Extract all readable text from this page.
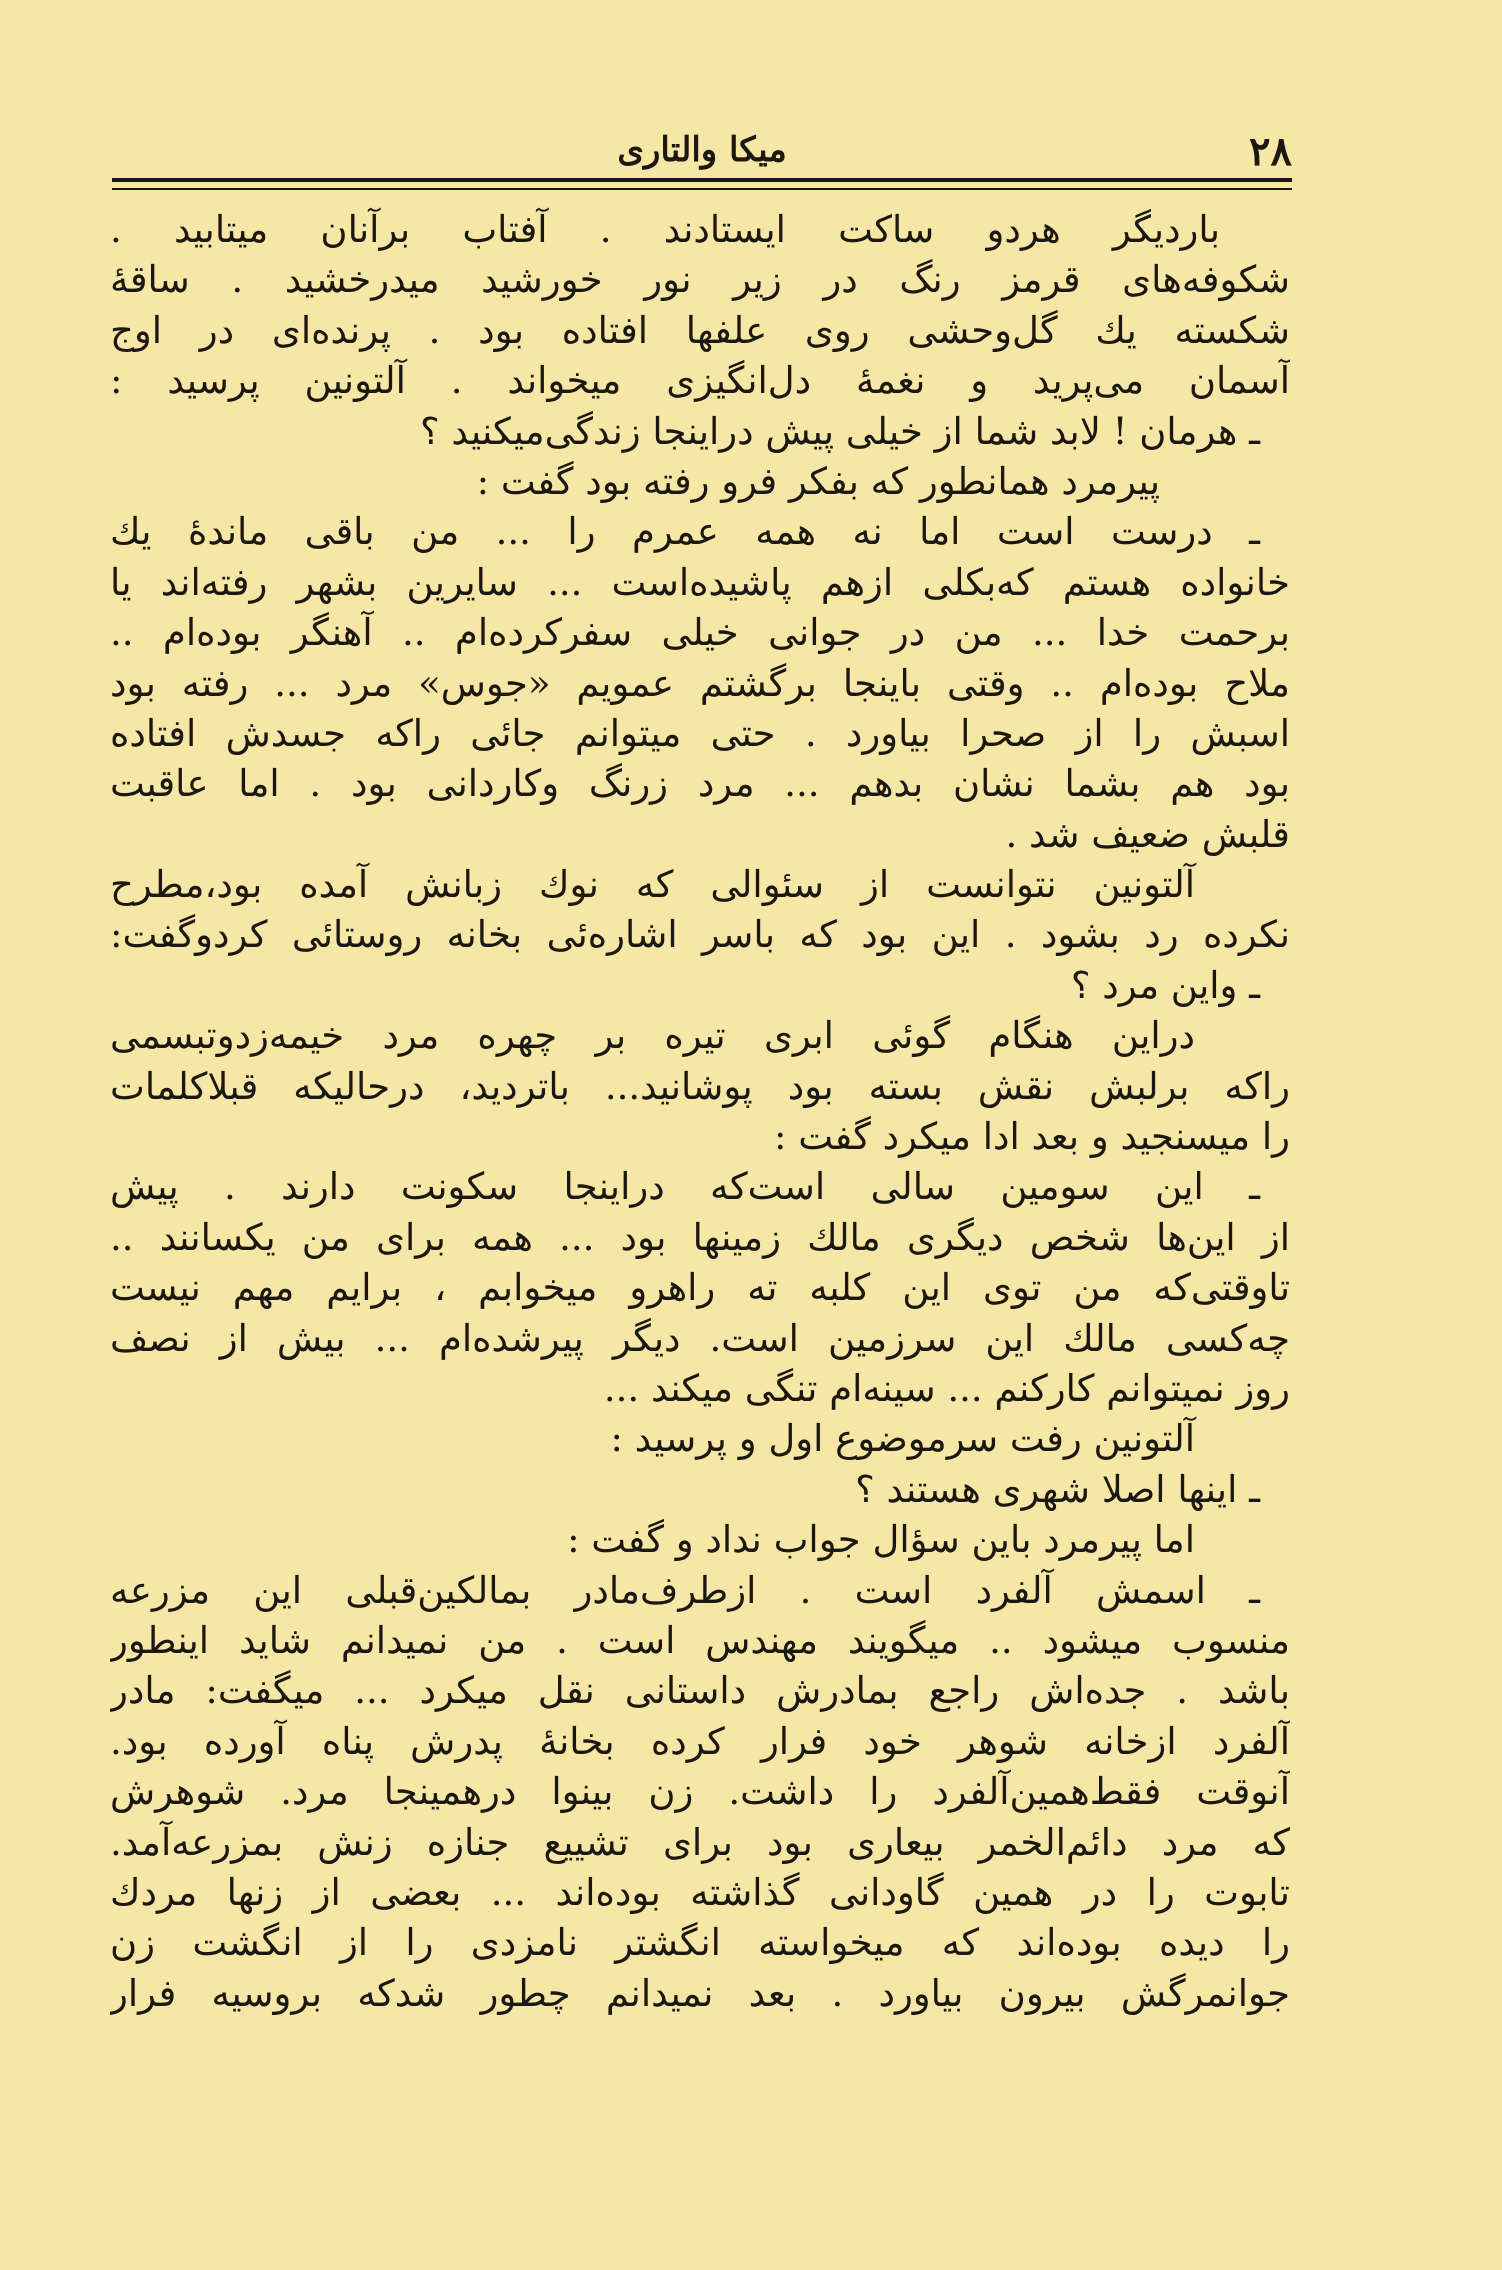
۲۸
میکا والتاری
باردیگر هردو ساکت ایستادند . آفتاب برآنان میتابید .
شکوفه‌های قرمز رنگ در زیر نور خورشید میدرخشید . ساقهٔ
شکسته یك گل‌وحشی روی علفها افتاده بود . پرنده‌ای در اوج
آسمان می‌پرید و نغمهٔ دل‌انگیزی میخواند . آلتونین پرسید :
ـ هرمان ! لابد شما از خیلی پیش دراینجا زندگی‌میکنید ؟
پیرمرد همانطور که بفکر فرو رفته بود گفت :
ـ درست است اما نه همه عمرم را ... من باقی ماندهٔ یك
خانواده هستم که‌بکلی ازهم پاشیده‌است ... سایرین بشهر رفته‌اند یا
برحمت خدا ... من در جوانی خیلی سفرکرده‌ام .. آهنگر بوده‌ام ..
ملاح بوده‌ام .. وقتی باینجا برگشتم عمویم «جوس» مرد ... رفته بود
اسبش را از صحرا بیاورد . حتی میتوانم جائی راکه جسدش افتاده
بود هم بشما نشان بدهم ... مرد زرنگ وکاردانی بود . اما عاقبت
قلبش ضعیف شد .
آلتونین نتوانست از سئوالی که نوك زبانش آمده بود،مطرح
نکرده رد بشود . این بود که باسر اشاره‌ئی بخانه روستائی کردوگفت:
ـ واین مرد ؟
دراین هنگام گوئی ابری تیره بر چهره مرد خیمه‌زدوتبسمی
راکه برلبش نقش بسته بود پوشانید... باتردید، درحالیکه قبلاکلمات
را میسنجید و بعد ادا میکرد گفت :
ـ این سومین سالی است‌که دراینجا سکونت دارند . پیش
از این‌ها شخص دیگری مالك زمینها بود ... همه برای من یکسانند ..
تاوقتی‌که من توی این کلبه ته راهرو میخوابم ، برایم مهم نیست
چه‌کسی مالك این سرزمین است. دیگر پیرشده‌ام ... بیش از نصف
روز نمیتوانم کارکنم ... سینه‌ام تنگی میکند ...
آلتونین رفت سرموضوع اول و پرسید :
ـ اینها اصلا شهری هستند ؟
اما پیرمرد باین سؤال جواب نداد و گفت :
ـ اسمش آلفرد است . ازطرف‌مادر بمالکین‌قبلی این مزرعه
منسوب میشود .. میگویند مهندس است . من نمیدانم شاید اینطور
باشد . جده‌اش راجع بمادرش داستانی نقل میکرد ... میگفت: مادر
آلفرد ازخانه شوهر خود فرار کرده بخانهٔ پدرش پناه آورده بود.
آنوقت فقط‌همین‌آلفرد را داشت. زن بینوا درهمینجا مرد. شوهرش
که مرد دائم‌الخمر بیعاری بود برای تشییع جنازه زنش بمزرعه‌آمد.
تابوت را در همین گاودانی گذاشته بوده‌اند ... بعضی از زنها مردك
را دیده بوده‌اند که میخواسته انگشتر نامزدی را از انگشت زن
جوانمرگش بیرون بیاورد . بعد نمیدانم چطور شدکه بروسیه فرار
